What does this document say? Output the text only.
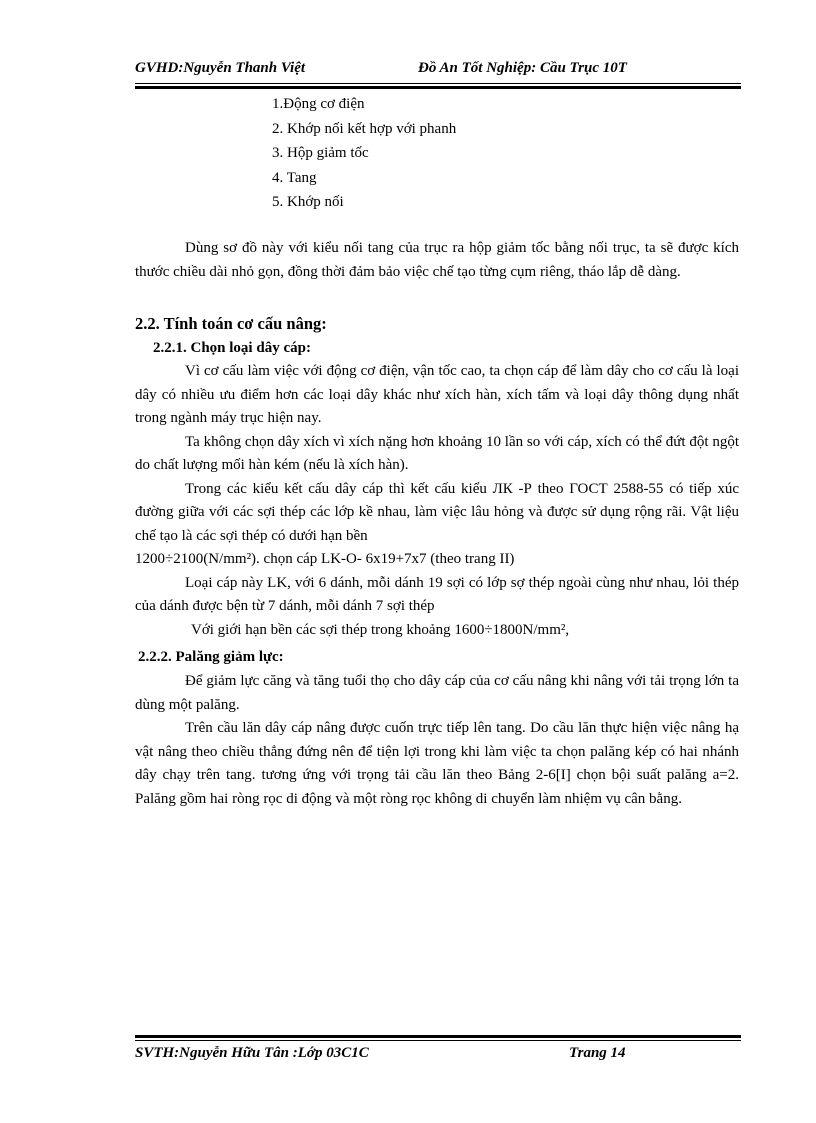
GVHD:Nguyễn Thanh Việt	Đồ An Tốt Nghiệp: Cầu Trục 10T
1.Động cơ điện
2. Khớp nối kết hợp với phanh
3. Hộp giảm tốc
4. Tang
5. Khớp nối
Dùng sơ đồ này với kiểu nối tang của trục ra hộp giảm tốc bằng nối trục, ta sẽ được kích thước chiều dài nhỏ gọn, đồng thời đảm bảo việc chế tạo từng cụm riêng, tháo lắp dễ dàng.
2.2. Tính toán cơ cấu nâng:
2.2.1. Chọn loại dây cáp:
Vì cơ cấu làm việc với động cơ điện, vận tốc cao, ta chọn cáp để làm dây cho cơ cấu là loại dây có nhiều ưu điểm hơn các loại dây khác như xích hàn, xích tấm và loại dây thông dụng nhất trong ngành máy trục hiện nay.
Ta không chọn dây xích vì xích nặng hơn khoảng 10 lần so với cáp, xích có thể đứt đột ngột do chất lượng mối hàn kém (nếu là xích hàn).
Trong các kiểu kết cấu dây cáp thì kết cấu kiểu ЛК -Р theo ГОСТ 2588-55 có tiếp xúc đường giữa với các sợi thép các lớp kề nhau, làm việc lâu hỏng và được sử dụng rộng rãi. Vật liệu chế tạo là các sợi thép có dưới hạn bền
1200÷2100(N/mm²). chọn cáp LK-O- 6x19+7x7 (theo trang II)
Loại cáp này LK, với 6 dánh, mỗi dánh 19 sợi có lớp sợ thép ngoài cùng như nhau, lỏi thép của dánh được bện từ 7 dánh, mỗi dánh 7 sợi thép
Với giới hạn bền các sợi thép trong khoảng 1600÷1800N/mm²,
2.2.2. Palăng giảm lực:
Để giảm lực căng và tăng tuổi thọ cho dây cáp của cơ cấu nâng khi nâng với tải trọng lớn ta dùng một palăng.
Trên cầu lăn dây cáp nâng được cuốn trực tiếp lên tang. Do cầu lăn thực hiện việc nâng hạ vật nâng theo chiều thẳng đứng nên để tiện lợi trong khi làm việc ta chọn palăng kép có hai nhánh dây chạy trên tang. tương ứng với trọng tải cầu lăn theo Bảng 2-6[I] chọn bội suất palăng a=2. Palăng gồm hai ròng rọc di động và một ròng rọc không di chuyển làm nhiệm vụ cân bằng.
SVTH:Nguyễn Hữu Tân :Lớp 03C1C	Trang 14
